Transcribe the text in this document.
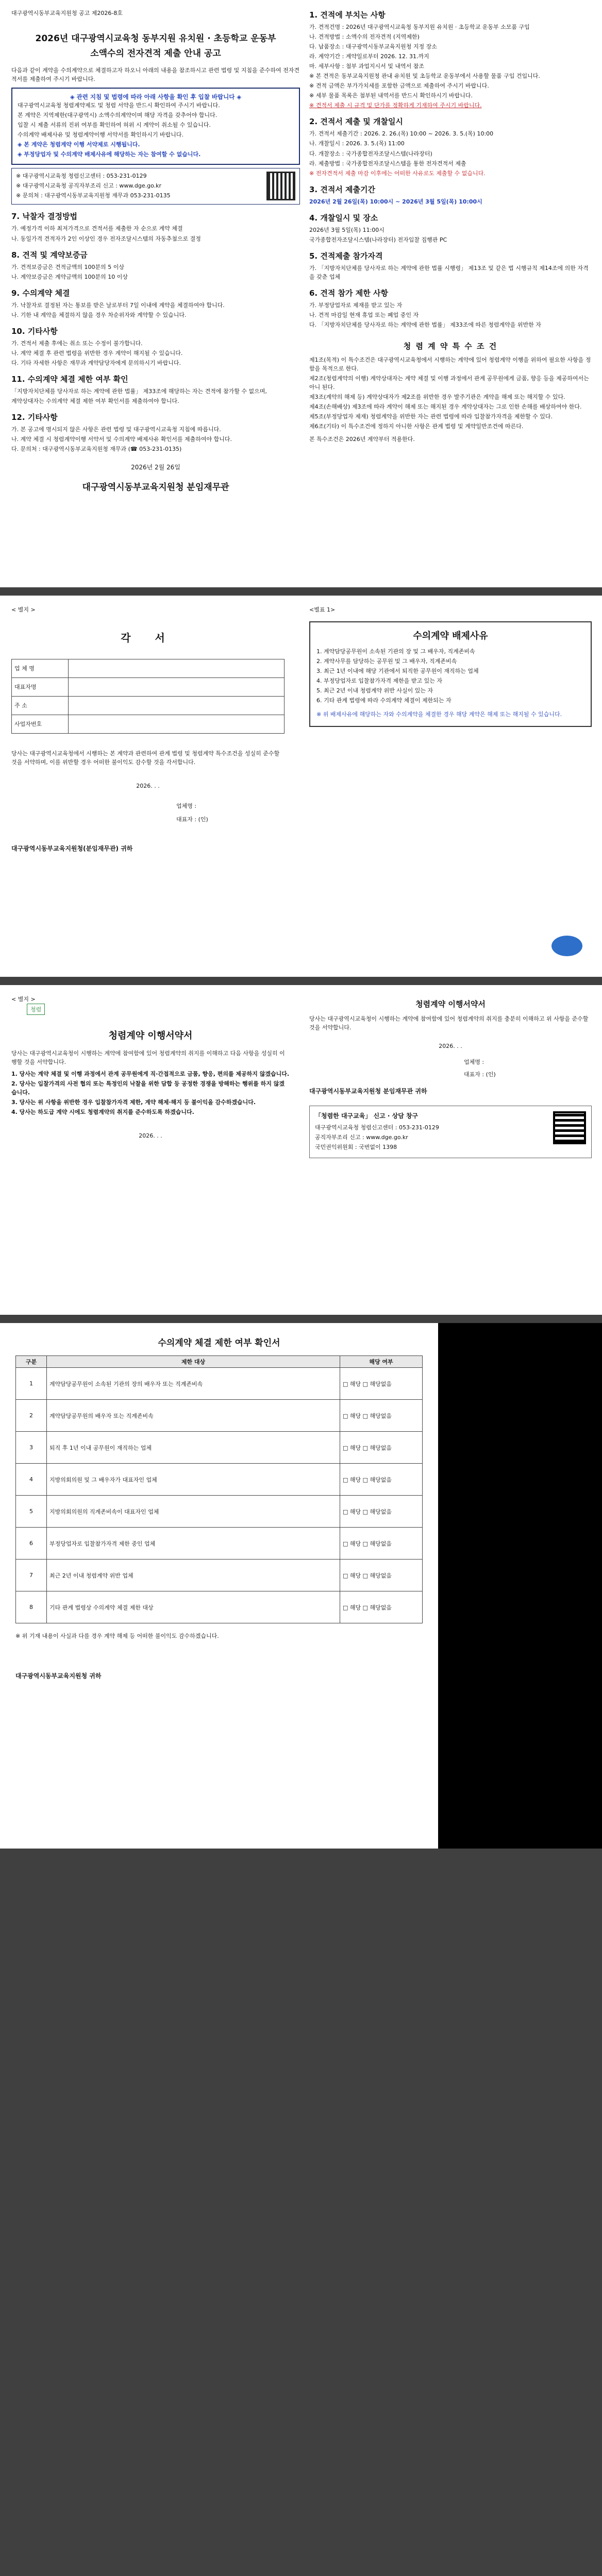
대구광역시동부교육지원청 공고 제2026-8호
2026년 대구광역시교육청 동부지원 유치원 · 초등학교 운동부
소액수의 전자견적 제출 안내 공고

다음과 같이 계약을 수의계약으로 체결하고자 하오니 아래의 내용을 참조하시고 관련 법령 및 지침을 준수하여 전자견적서를 제출하여 주시기 바랍니다.

◈ 관련 지침 및 법령에 따라 아래 사항을 확인 후 입찰 바랍니다 ◈

대구광역시교육청 청렴계약제도 및 청렴 서약을 반드시 확인하여 주시기 바랍니다.

본 계약은 지역제한(대구광역시) 소액수의계약이며 해당 자격을 갖추어야 합니다.

입찰 시 제출 서류의 진위 여부를 확인하여 허위 시 계약이 취소될 수 있습니다.

수의계약 배제사유 및 청렴계약이행 서약서를 확인하시기 바랍니다.

◈ 본 계약은 청렴계약 이행 서약제로 시행됩니다.

◈ 부정당업자 및 수의계약 배제사유에 해당하는 자는 참여할 수 없습니다.

※ 대구광역시교육청 청렴신고센터 : 053-231-0129

※ 대구광역시교육청 공직자부조리 신고 : www.dge.go.kr

※ 문의처 : 대구광역시동부교육지원청 재무과 053-231-0135

7. 낙찰자 결정방법

가. 예정가격 이하 최저가격으로 견적서를 제출한 자 순으로 계약 체결

나. 동일가격 견적자가 2인 이상인 경우 전자조달시스템의 자동추첨으로 결정

8. 견적 및 계약보증금

가. 견적보증금은 견적금액의 100분의 5 이상

나. 계약보증금은 계약금액의 100분의 10 이상

9. 수의계약 체결

가. 낙찰자로 결정된 자는 통보를 받은 날로부터 7일 이내에 계약을 체결하여야 합니다.

나. 기한 내 계약을 체결하지 않을 경우 차순위자와 계약할 수 있습니다.

10. 기타사항

가. 견적서 제출 후에는 취소 또는 수정이 불가합니다.

나. 계약 체결 후 관련 법령을 위반한 경우 계약이 해지될 수 있습니다.

다. 기타 자세한 사항은 재무과 계약담당자에게 문의하시기 바랍니다.

11. 수의계약 체결 제한 여부 확인

「지방자치단체를 당사자로 하는 계약에 관한 법률」 제33조에 해당하는 자는 견적에 참가할 수 없으며,

계약상대자는 수의계약 체결 제한 여부 확인서를 제출하여야 합니다.

12. 기타사항

가. 본 공고에 명시되지 않은 사항은 관련 법령 및 대구광역시교육청 지침에 따릅니다.

나. 계약 체결 시 청렴계약이행 서약서 및 수의계약 배제사유 확인서를 제출하여야 합니다.

다. 문의처 : 대구광역시동부교육지원청 재무과 (☎ 053-231-0135)

2026년 2월 26일
대구광역시동부교육지원청 분임재무관
1. 견적에 부치는 사항

가. 견적건명 : 2026년 대구광역시교육청 동부지원 유치원 · 초등학교 운동부 소모품 구입

나. 견적방법 : 소액수의 전자견적 (지역제한)

다. 납품장소 : 대구광역시동부교육지원청 지정 장소

라. 계약기간 : 계약일로부터 2026. 12. 31.까지

마. 세부사항 : 첨부 과업지시서 및 내역서 참조

※ 본 견적은 동부교육지원청 관내 유치원 및 초등학교 운동부에서 사용할 물품 구입 건입니다.

※ 견적 금액은 부가가치세를 포함한 금액으로 제출하여 주시기 바랍니다.

※ 세부 물품 목록은 첨부된 내역서를 반드시 확인하시기 바랍니다.

※ 견적서 제출 시 규격 및 단가를 정확하게 기재하여 주시기 바랍니다.

2. 견적서 제출 및 개찰일시

가. 견적서 제출기간 : 2026. 2. 26.(목) 10:00 ~ 2026. 3. 5.(목) 10:00

나. 개찰일시 : 2026. 3. 5.(목) 11:00

다. 개찰장소 : 국가종합전자조달시스템(나라장터)

라. 제출방법 : 국가종합전자조달시스템을 통한 전자견적서 제출

※ 전자견적서 제출 마감 이후에는 어떠한 사유로도 제출할 수 없습니다.

3. 견적서 제출기간

2026년 2월 26일(목) 10:00시 ~ 2026년 3월 5일(목) 10:00시

4. 개찰일시 및 장소

2026년 3월 5일(목) 11:00시

국가종합전자조달시스템(나라장터) 전자입찰 집행관 PC

5. 견적제출 참가자격

가. 「지방자치단체를 당사자로 하는 계약에 관한 법률 시행령」 제13조 및 같은 법 시행규칙 제14조에 의한 자격을 갖춘 업체

6. 견적 참가 제한 사항

가. 부정당업자로 제재를 받고 있는 자

나. 견적 마감일 현재 휴업 또는 폐업 중인 자

다. 「지방자치단체를 당사자로 하는 계약에 관한 법률」 제33조에 따른 청렴계약을 위반한 자

청 렴 계 약 특 수 조 건

제1조(목적) 이 특수조건은 대구광역시교육청에서 시행하는 계약에 있어 청렴계약 이행을 위하여 필요한 사항을 정함을 목적으로 한다.

제2조(청렴계약의 이행) 계약상대자는 계약 체결 및 이행 과정에서 관계 공무원에게 금품, 향응 등을 제공하여서는 아니 된다.

제3조(계약의 해제 등) 계약상대자가 제2조를 위반한 경우 발주기관은 계약을 해제 또는 해지할 수 있다.

제4조(손해배상) 제3조에 따라 계약이 해제 또는 해지된 경우 계약상대자는 그로 인한 손해를 배상하여야 한다.

제5조(부정당업자 제재) 청렴계약을 위반한 자는 관련 법령에 따라 입찰참가자격을 제한할 수 있다.

제6조(기타) 이 특수조건에 정하지 아니한 사항은 관계 법령 및 계약일반조건에 따른다.

본 특수조건은 2026년 계약부터 적용한다.

< 별지 >
각 서
업 체 명	
대표자명	
주 소	
사업자번호	

당사는 대구광역시교육청에서 시행하는 본 계약과 관련하여 관계 법령 및 청렴계약 특수조건을 성실히 준수할 것을 서약하며, 이를 위반할 경우 어떠한 불이익도 감수할 것을 각서합니다.

2026. . .
업체명 :
대표자 : (인)
대구광역시동부교육지원청(분임재무관) 귀하
<별표 1>
수의계약 배제사유

1. 계약담당공무원이 소속된 기관의 장 및 그 배우자, 직계존비속

2. 계약사무를 담당하는 공무원 및 그 배우자, 직계존비속

3. 최근 1년 이내에 해당 기관에서 퇴직한 공무원이 재직하는 업체

4. 부정당업자로 입찰참가자격 제한을 받고 있는 자

5. 최근 2년 이내 청렴계약 위반 사실이 있는 자

6. 기타 관계 법령에 따라 수의계약 체결이 제한되는 자

※ 위 배제사유에 해당하는 자와 수의계약을 체결한 경우 해당 계약은 해제 또는 해지될 수 있습니다.

< 별지 >
청렴
청렴계약 이행서약서

당사는 대구광역시교육청이 시행하는 계약에 참여함에 있어 청렴계약의 취지를 이해하고 다음 사항을 성실히 이행할 것을 서약합니다.

1. 당사는 계약 체결 및 이행 과정에서 관계 공무원에게 직·간접적으로 금품, 향응, 편의를 제공하지 않겠습니다.

2. 당사는 입찰가격의 사전 협의 또는 특정인의 낙찰을 위한 담합 등 공정한 경쟁을 방해하는 행위를 하지 않겠습니다.

3. 당사는 위 사항을 위반한 경우 입찰참가자격 제한, 계약 해제·해지 등 불이익을 감수하겠습니다.

4. 당사는 하도급 계약 시에도 청렴계약의 취지를 준수하도록 하겠습니다.

2026. . .
청렴계약 이행서약서

당사는 대구광역시교육청이 시행하는 계약에 참여함에 있어 청렴계약의 취지를 충분히 이해하고 위 사항을 준수할 것을 서약합니다.

2026. . .
업체명 :
대표자 : (인)
대구광역시동부교육지원청 분임재무관 귀하
「청렴한 대구교육」 신고 · 상담 창구

대구광역시교육청 청렴신고센터 : 053-231-0129

공직자부조리 신고 : www.dge.go.kr

국민권익위원회 : 국번없이 1398

수의계약 체결 제한 여부 확인서
구분	제한 대상	해당 여부
1	계약담당공무원이 소속된 기관의 장의 배우자 또는 직계존비속	□ 해당 □ 해당없음
2	계약담당공무원의 배우자 또는 직계존비속	□ 해당 □ 해당없음
3	퇴직 후 1년 이내 공무원이 재직하는 업체	□ 해당 □ 해당없음
4	지방의회의원 및 그 배우자가 대표자인 업체	□ 해당 □ 해당없음
5	지방의회의원의 직계존비속이 대표자인 업체	□ 해당 □ 해당없음
6	부정당업자로 입찰참가자격 제한 중인 업체	□ 해당 □ 해당없음
7	최근 2년 이내 청렴계약 위반 업체	□ 해당 □ 해당없음
8	기타 관계 법령상 수의계약 체결 제한 대상	□ 해당 □ 해당없음

※ 위 기재 내용이 사실과 다를 경우 계약 해제 등 어떠한 불이익도 감수하겠습니다.

대구광역시동부교육지원청 귀하
